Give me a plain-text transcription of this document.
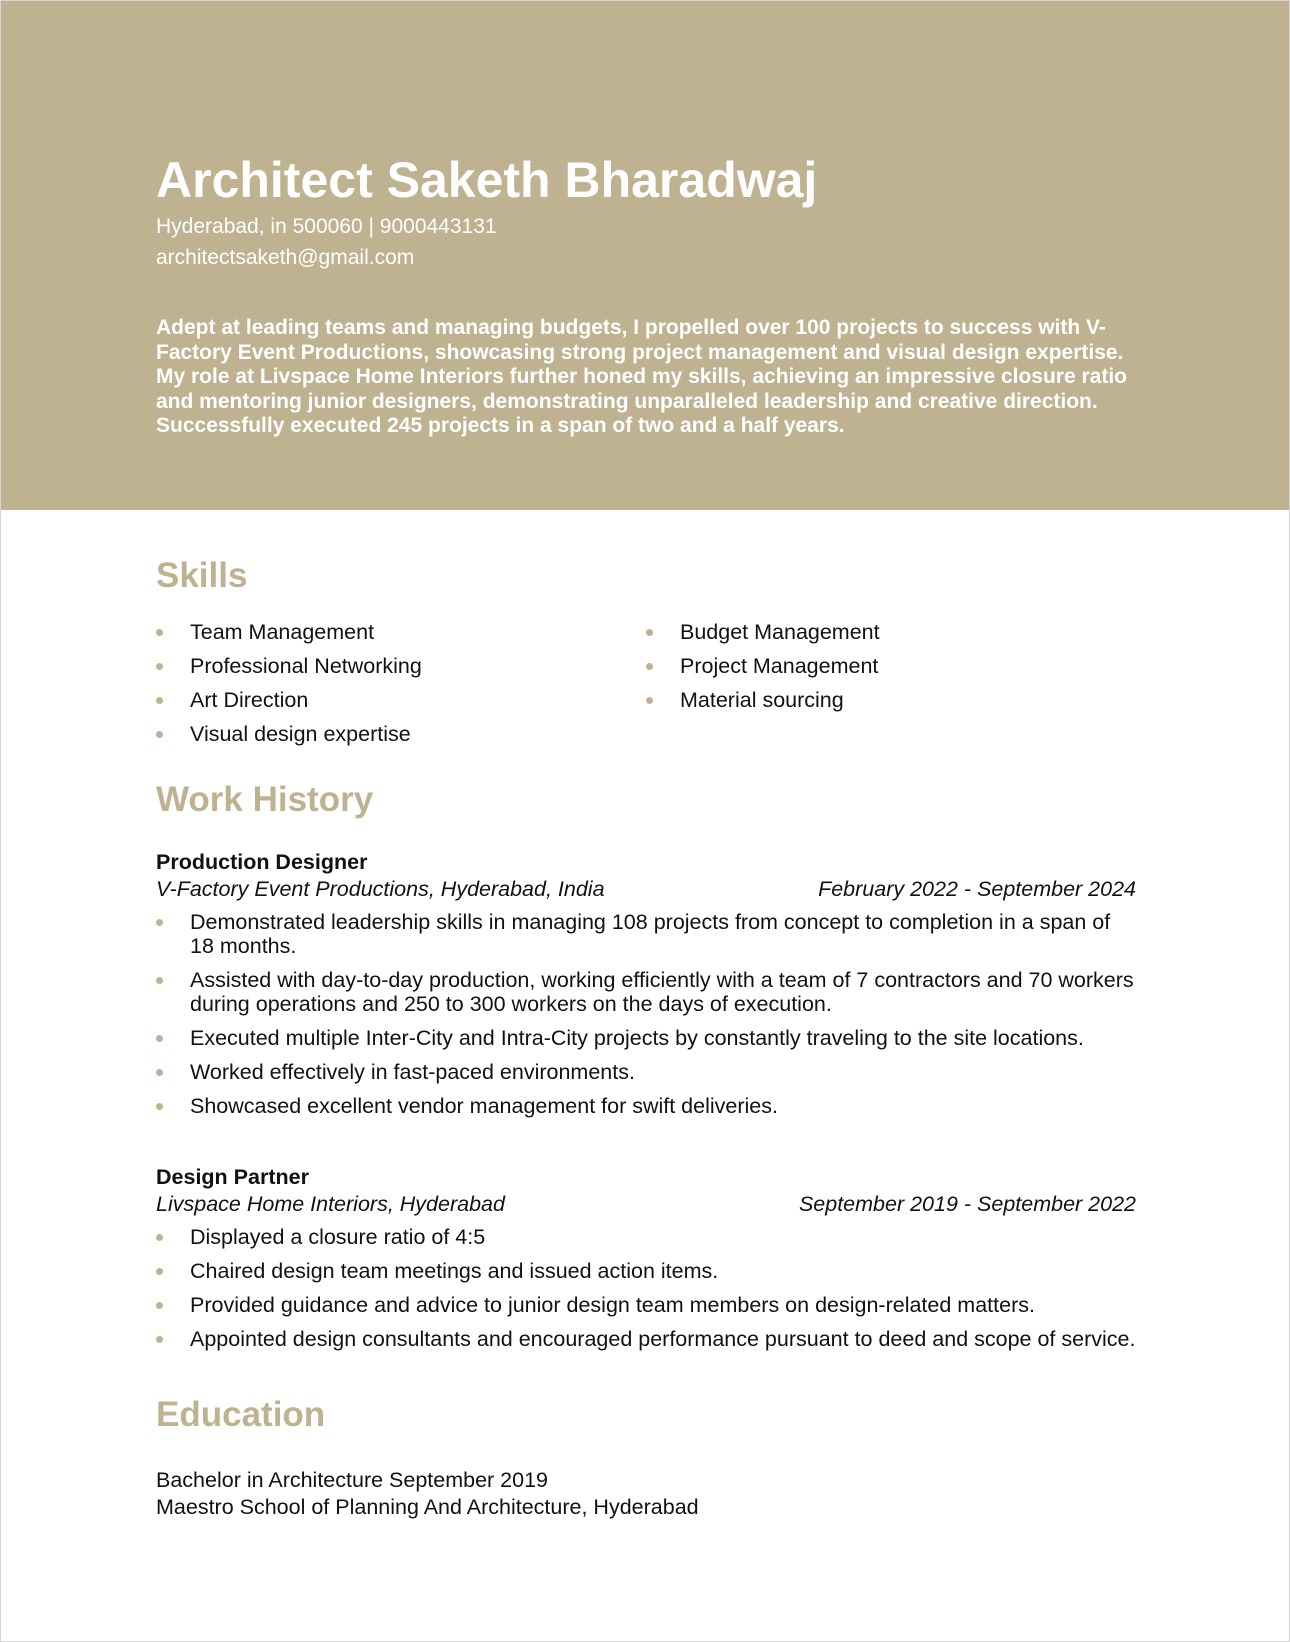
Architect Saketh Bharadwaj
Hyderabad, in 500060 | 9000443131
architectsaketh@gmail.com

Adept at leading teams and managing budgets, I propelled over 100 projects to success with V-Factory Event Productions, showcasing strong project management and visual design expertise. My role at Livspace Home Interiors further honed my skills, achieving an impressive closure ratio and mentoring junior designers, demonstrating unparalleled leadership and creative direction.

Successfully executed 245 projects in a span of two and a half years.

Skills
Team Management
Professional Networking
Art Direction
Visual design expertise
Budget Management
Project Management
Material sourcing
Work History
Production Designer
V-Factory Event Productions, Hyderabad, India	February 2022 - September 2024
Demonstrated leadership skills in managing 108 projects from concept to completion in a span of 18 months.
Assisted with day-to-day production, working efficiently with a team of 7 contractors and 70 workers during operations and 250 to 300 workers on the days of execution.
Executed multiple Inter-City and Intra-City projects by constantly traveling to the site locations.
Worked effectively in fast-paced environments.
Showcased excellent vendor management for swift deliveries.
Design Partner
Livspace Home Interiors, Hyderabad	September 2019 - September 2022
Displayed a closure ratio of 4:5
Chaired design team meetings and issued action items.
Provided guidance and advice to junior design team members on design-related matters.
Appointed design consultants and encouraged performance pursuant to deed and scope of service.
Education
Bachelor in Architecture September 2019
Maestro School of Planning And Architecture, Hyderabad
